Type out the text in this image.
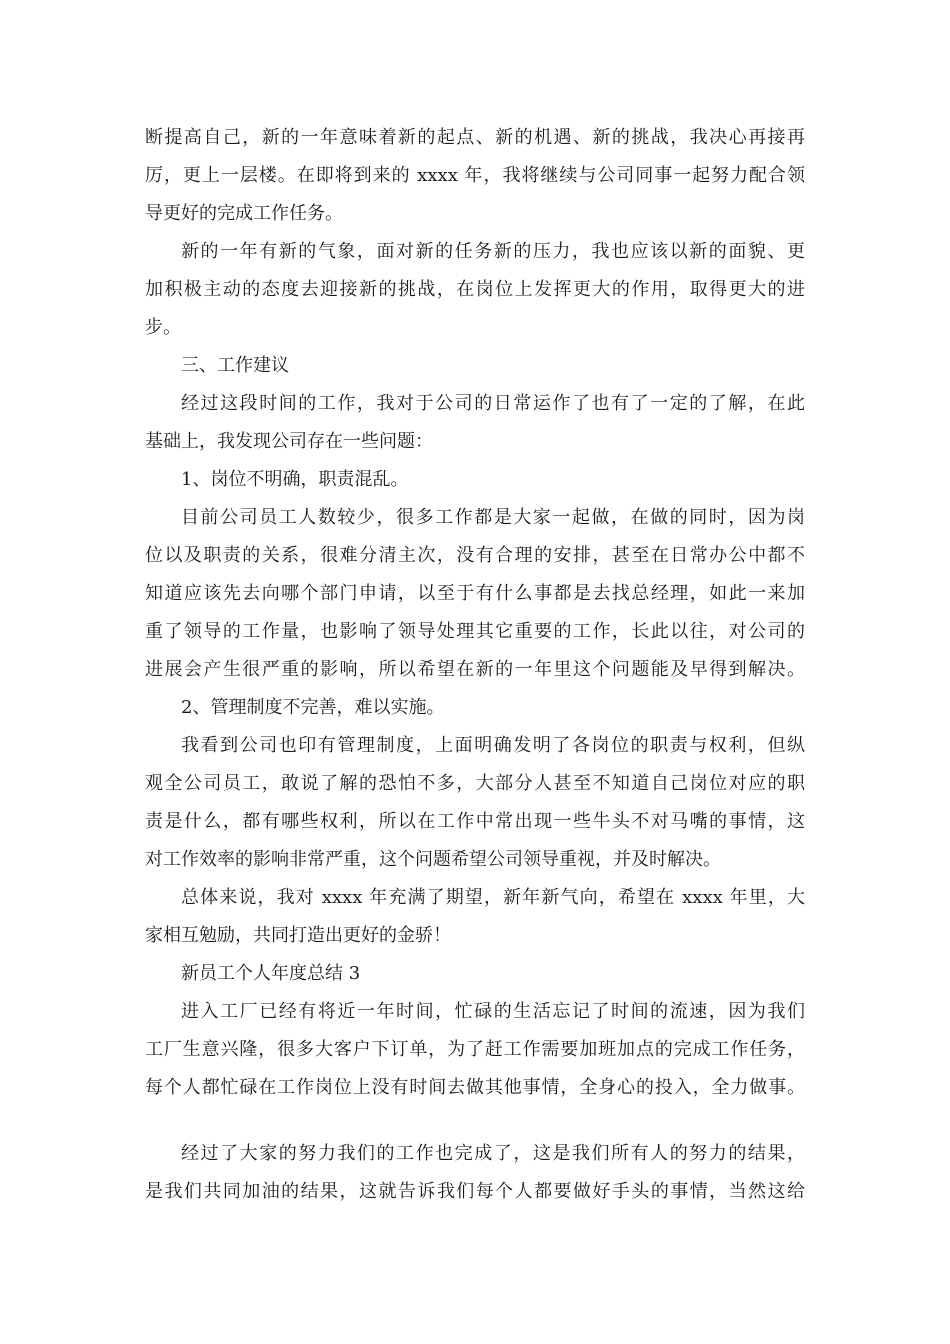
断提高自己，新的一年意味着新的起点、新的机遇、新的挑战，我决心再接再
厉，更上一层楼。在即将到来的 xxxx 年，我将继续与公司同事一起努力配合领
导更好的完成工作任务。
新的一年有新的气象，面对新的任务新的压力，我也应该以新的面貌、更
加积极主动的态度去迎接新的挑战，在岗位上发挥更大的作用，取得更大的进
步。
三、工作建议
经过这段时间的工作，我对于公司的日常运作了也有了一定的了解，在此
基础上，我发现公司存在一些问题：
1、岗位不明确，职责混乱。
目前公司员工人数较少，很多工作都是大家一起做，在做的同时，因为岗
位以及职责的关系，很难分清主次，没有合理的安排，甚至在日常办公中都不
知道应该先去向哪个部门申请，以至于有什么事都是去找总经理，如此一来加
重了领导的工作量，也影响了领导处理其它重要的工作，长此以往，对公司的
进展会产生很严重的影响，所以希望在新的一年里这个问题能及早得到解决。
2、管理制度不完善，难以实施。
我看到公司也印有管理制度，上面明确发明了各岗位的职责与权利，但纵
观全公司员工，敢说了解的恐怕不多，大部分人甚至不知道自己岗位对应的职
责是什么，都有哪些权利，所以在工作中常出现一些牛头不对马嘴的事情，这
对工作效率的影响非常严重，这个问题希望公司领导重视，并及时解决。
总体来说，我对 xxxx 年充满了期望，新年新气向，希望在 xxxx 年里，大
家相互勉励，共同打造出更好的金骄！
新员工个人年度总结 3
进入工厂已经有将近一年时间，忙碌的生活忘记了时间的流速，因为我们
工厂生意兴隆，很多大客户下订单，为了赶工作需要加班加点的完成工作任务，
每个人都忙碌在工作岗位上没有时间去做其他事情，全身心的投入，全力做事。
经过了大家的努力我们的工作也完成了，这是我们所有人的努力的结果，
是我们共同加油的结果，这就告诉我们每个人都要做好手头的事情，当然这给
